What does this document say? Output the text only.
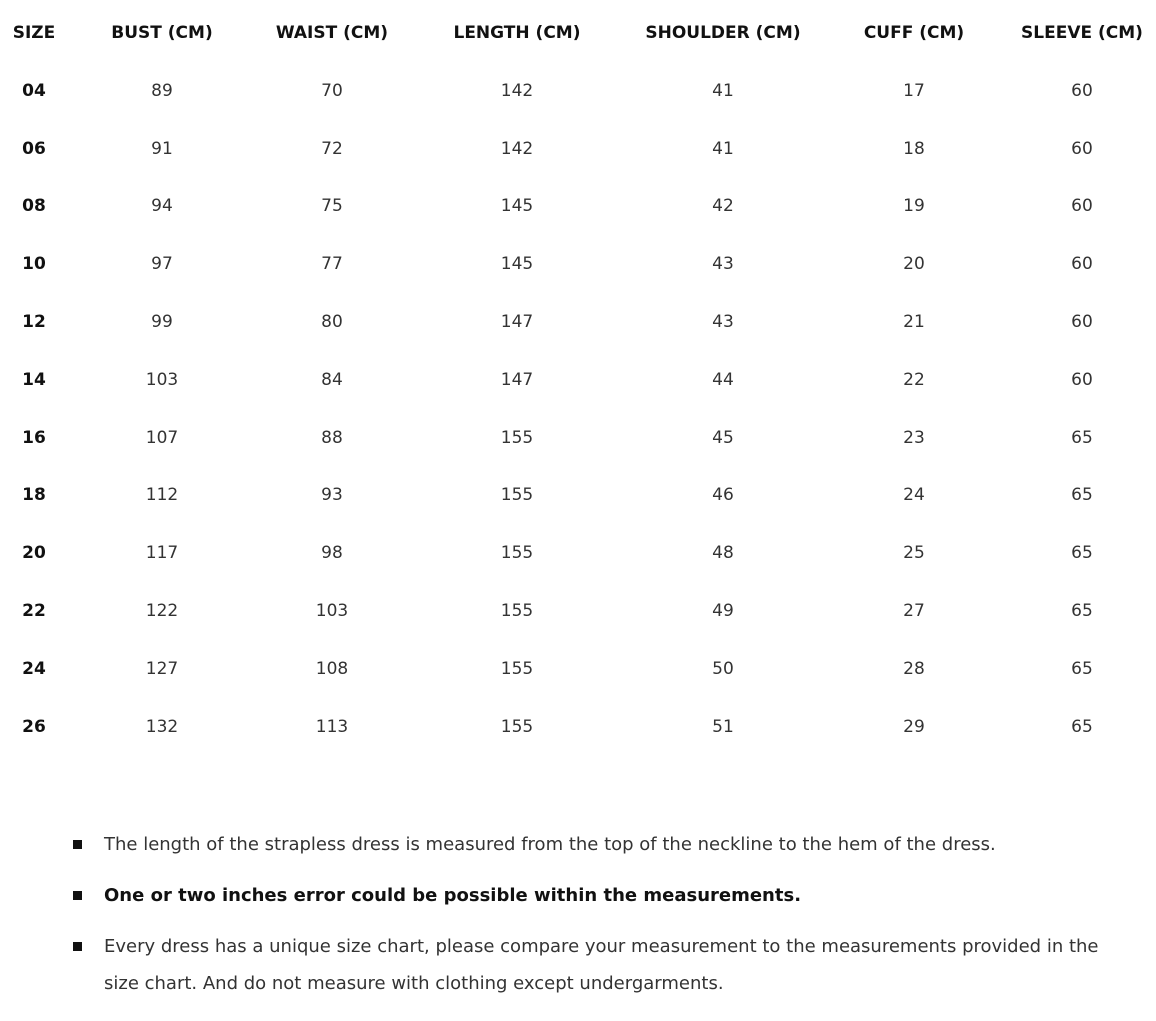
SIZE	BUST (CM)	WAIST (CM)	LENGTH (CM)	SHOULDER (CM)	CUFF (CM)	SLEEVE (CM)
04	89	70	142	41	17	60
06	91	72	142	41	18	60
08	94	75	145	42	19	60
10	97	77	145	43	20	60
12	99	80	147	43	21	60
14	103	84	147	44	22	60
16	107	88	155	45	23	65
18	112	93	155	46	24	65
20	117	98	155	48	25	65
22	122	103	155	49	27	65
24	127	108	155	50	28	65
26	132	113	155	51	29	65
The length of the strapless dress is measured from the top of the neckline to the hem of the dress.
One or two inches error could be possible within the measurements.
Every dress has a unique size chart, please compare your measurement to the measurements provided in the size chart. And do not measure with clothing except undergarments.
